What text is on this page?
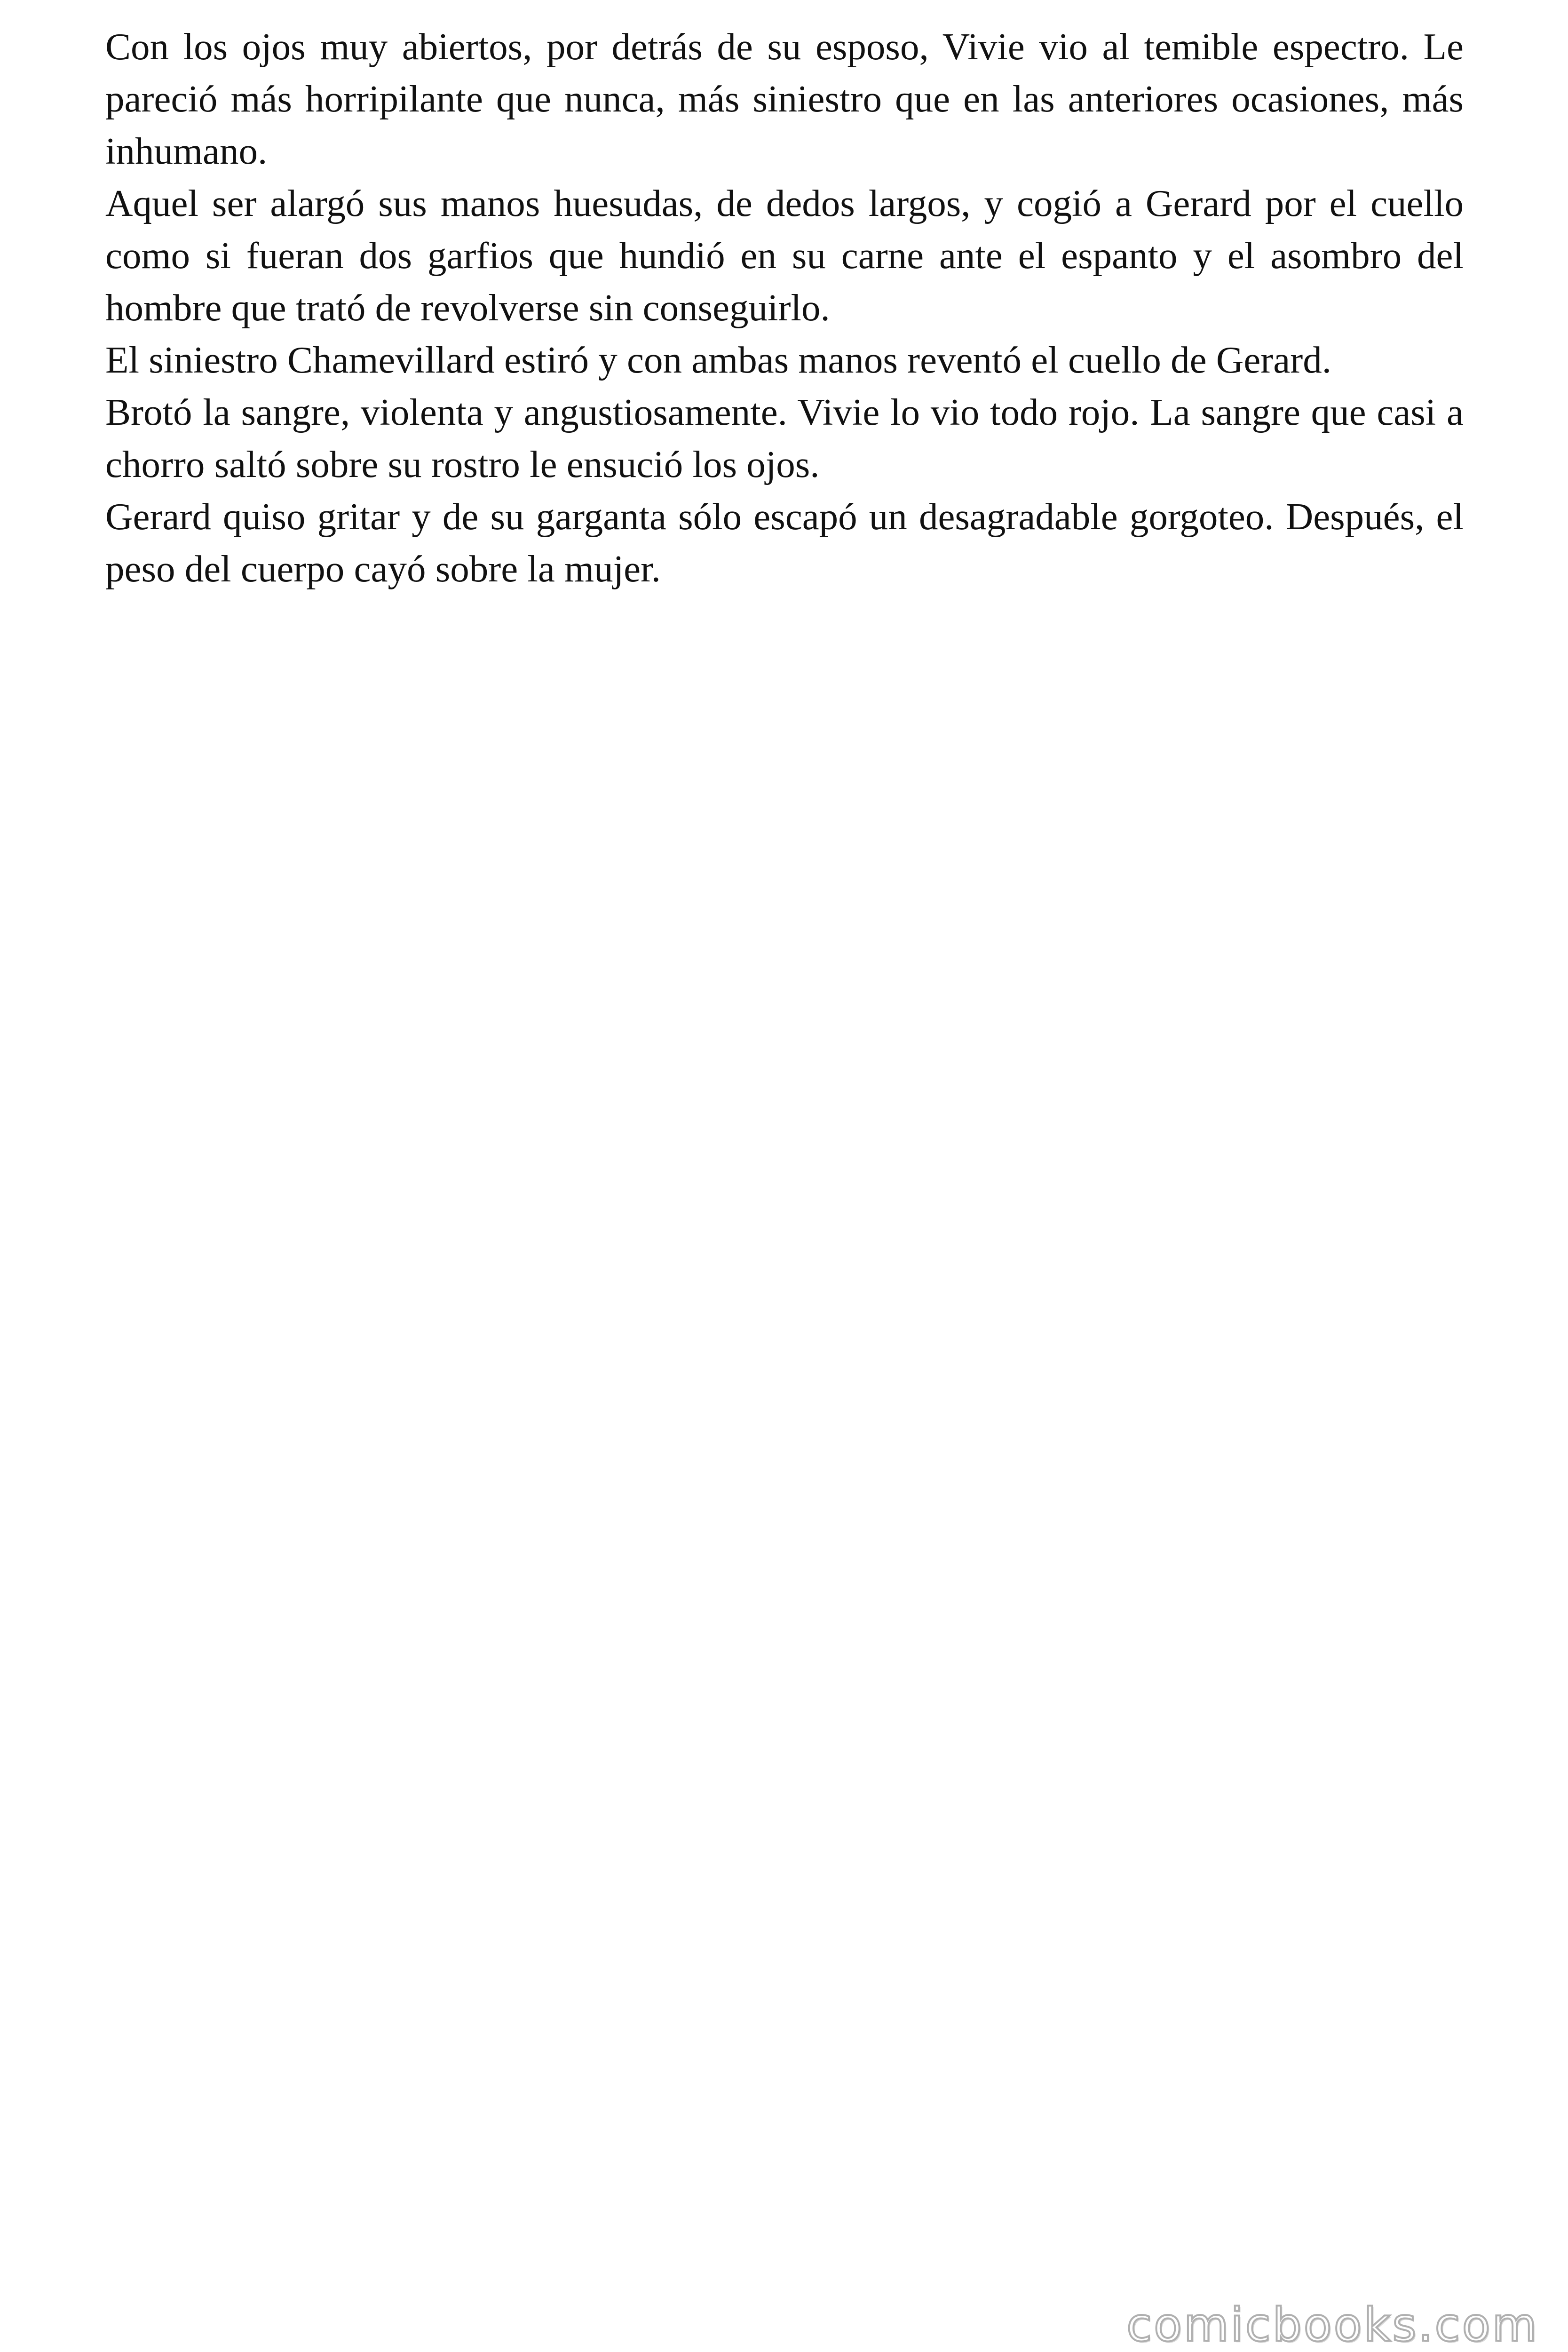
Con los ojos muy abiertos, por detrás de su esposo, Vivie vio al temible espectro. Le pareció más horripilante que nunca, más siniestro que en las anteriores ocasiones, más inhumano.

Aquel ser alargó sus manos huesudas, de dedos largos, y cogió a Gerard por el cuello como si fueran dos garfios que hundió en su carne ante el espanto y el asombro del hombre que trató de revolverse sin conseguirlo.

El siniestro Chamevillard estiró y con ambas manos reventó el cuello de Gerard.

Brotó la sangre, violenta y angustiosamente. Vivie lo vio todo rojo. La sangre que casi a chorro saltó sobre su rostro le ensució los ojos.

Gerard quiso gritar y de su garganta sólo escapó un desagradable gorgoteo. Después, el peso del cuerpo cayó sobre la mujer.

comicbooks.com
